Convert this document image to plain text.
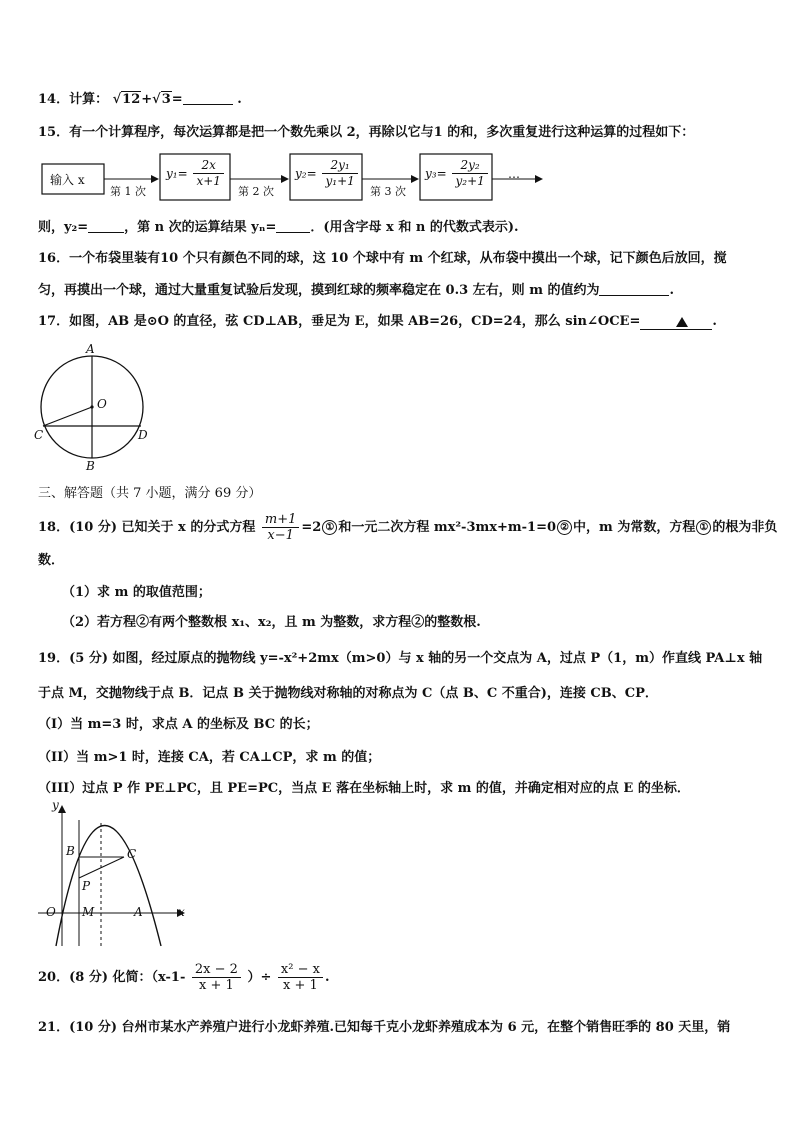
14．计算： √12+√3=	.
15．有一个计算程序，每次运算都是把一个数先乘以 2，再除以它与1 的和，多次重复进行这种运算的过程如下：
输入 x
第 1 次	第 2 次	第 3 次
$y_1= \frac{2x}{x+1}$	$y_2= \frac{\text{2y₁}}{\text{y₁+1}}$	$y_3= \frac{\text{2y₂}}{\text{y₂+1}}$ …
则，y₂=	，第 n 次的运算结果 yₙ=	．(用含字母 x 和 n 的代数式表示).
16．一个布袋里装有10 个只有颜色不同的球，这 10 个球中有 m 个红球，从布袋中摸出一个球，记下颜色后放回，搅
匀，再摸出一个球，通过大量重复试验后发现，摸到红球的频率稳定在 0.3 左右，则 m 的值约为	.
17．如图，AB 是⊙O 的直径，弦 CD⊥AB，垂足为 E，如果 AB=26，CD=24，那么 sin∠OCE=	.
A
O
C	D
B
三、解答题（共 7 小题，满分 69 分）
18．(10 分) 已知关于 x 的分式方程 $\frac{m+1}{x-1} =2$ ① 和一元二次方程 mx²-3mx+m-1=0 ② 中，m 为常数，方程 ① 的根为非负
数．
（1）求 m 的取值范围；
（2）若方程②有两个整数根 x₁、x₂，且 m 为整数，求方程②的整数根.
19．(5 分) 如图，经过原点的抛物线 y=-x²+2mx（m>0）与 x 轴的另一个交点为 A，过点 P（1，m）作直线 PA⊥x 轴
于点 M，交抛物线于点 B．记点 B 关于抛物线对称轴的对称点为 C（点 B、C 不重合)，连接 CB、CP．
（I）当 m=3 时，求点 A 的坐标及 BC 的长；
（II）当 m>1 时，连接 CA，若 CA⊥CP，求 m 的值；
（III）过点 P 作 PE⊥PC，且 PE=PC，当点 E 落在坐标轴上时，求 m 的值，并确定相对应的点 E 的坐标．
y
x
O M	A
B	C
P
20．(8 分) 化简：（$x-1- \frac{2x - 2}{x + 1}$ ）÷ $\frac{\text{x² − x}}{x + 1}$ .
21．(10 分) 台州市某水产养殖户进行小龙虾养殖.已知每千克小龙虾养殖成本为 6 元，在整个销售旺季的 80 天里，销
